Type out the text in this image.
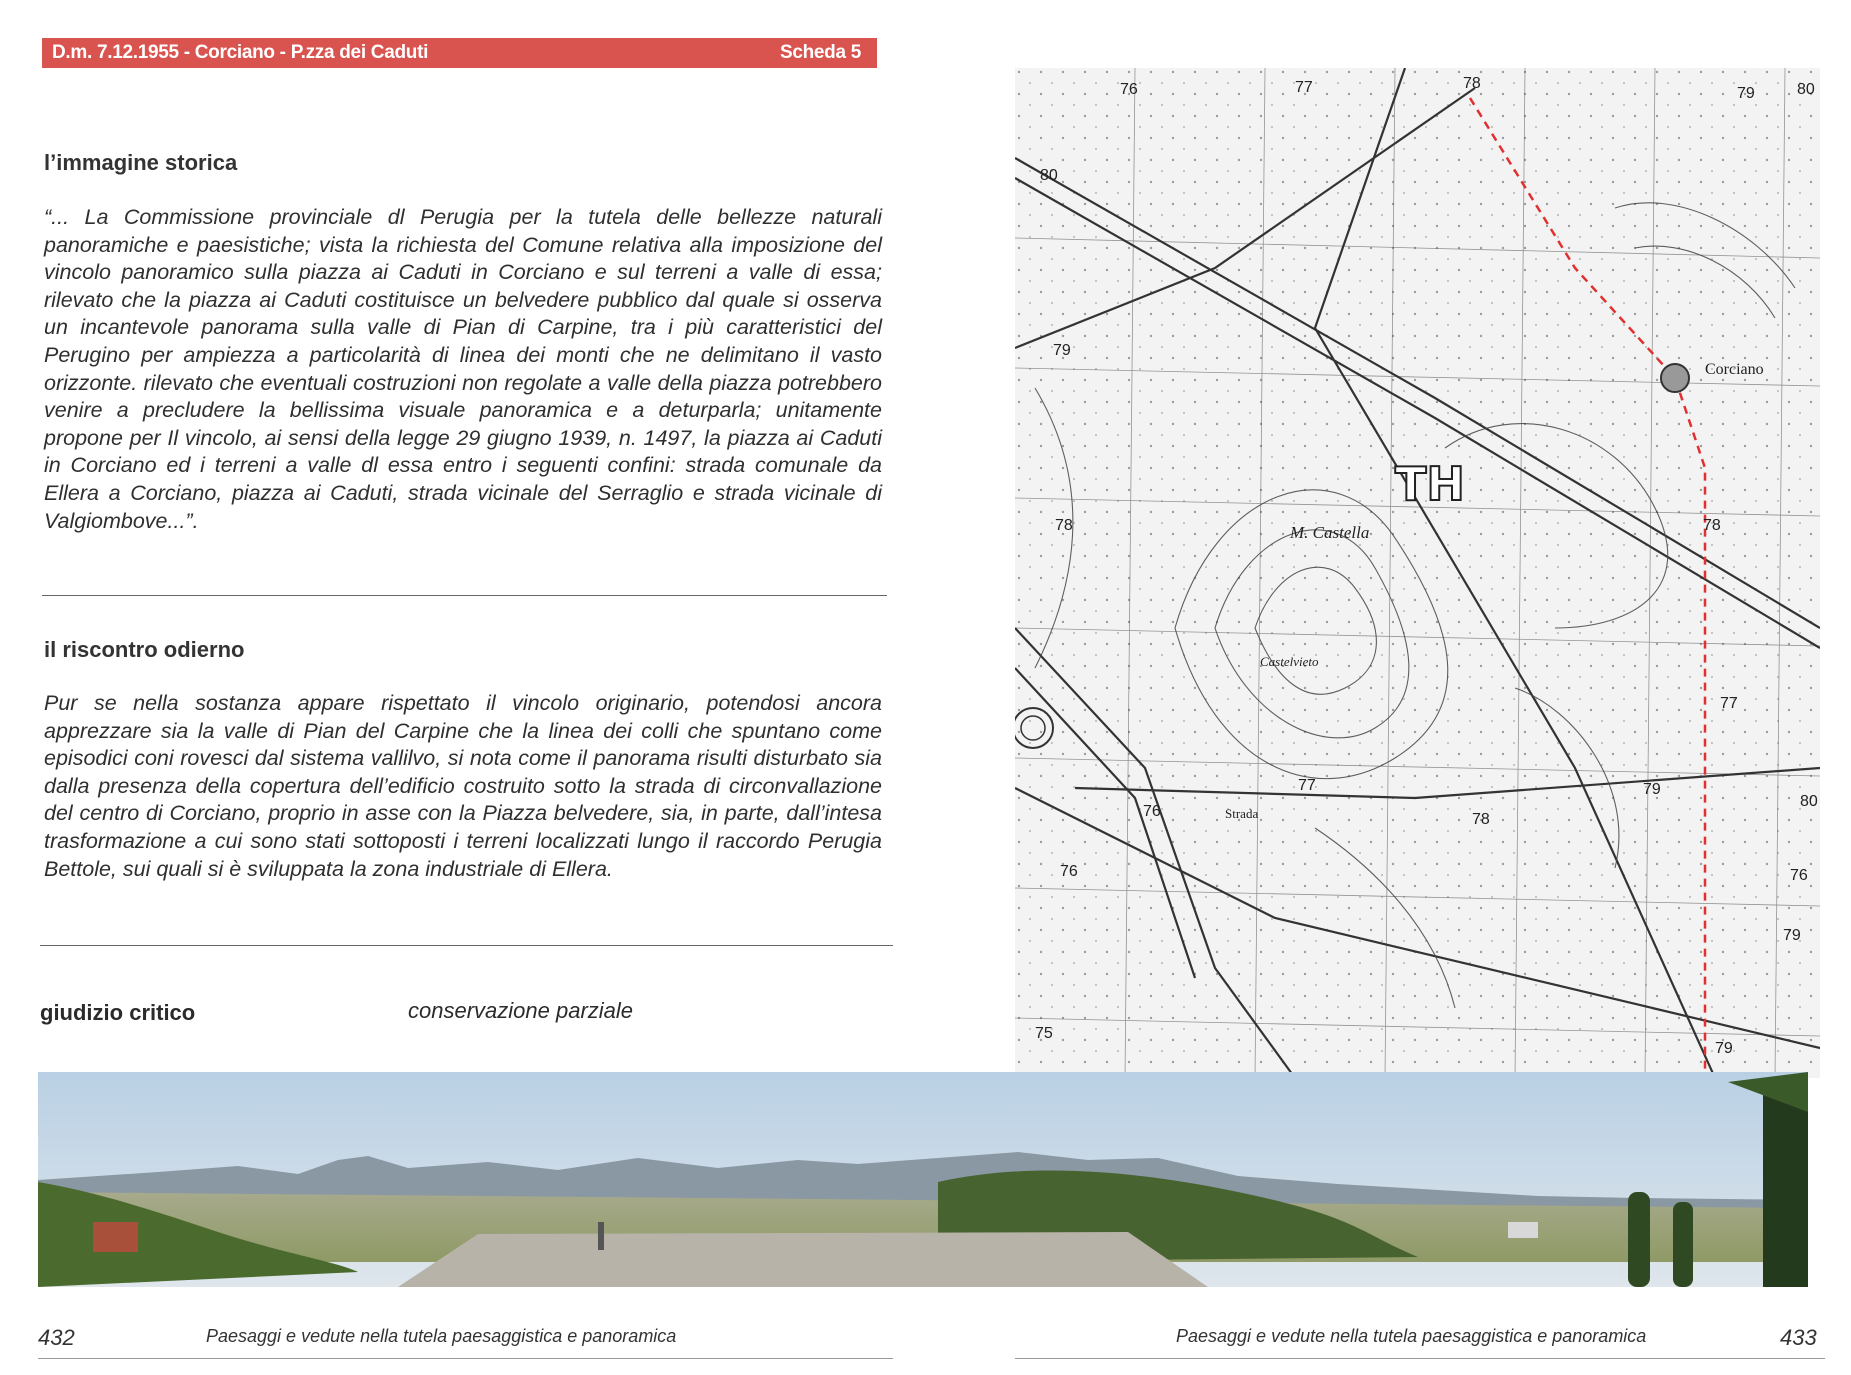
D.m. 7.12.1955 - Corciano - P.zza dei Caduti	Scheda 5
l’immagine storica
“... La Commissione provinciale dl Perugia per la tutela delle bellezze naturali panoramiche e paesistiche; vista la richiesta del Comune relativa alla imposizione del vincolo panoramico sulla piazza ai Caduti in Corciano e sul terreni a valle di essa; rilevato che la piazza ai Caduti costituisce un belvedere pubblico dal quale si osserva un incantevole panorama sulla valle di Pian di Carpine, tra i più caratteristici del Perugino per ampiezza a particolarità di linea dei monti che ne delimitano il vasto orizzonte. rilevato che eventuali costruzioni non regolate a valle della piazza potrebbero venire a precludere la bellissima visuale panoramica e a deturparla; unitamente propone per Il vincolo, ai sensi della legge 29 giugno 1939, n. 1497, la piazza ai Caduti in Corciano ed i terreni a valle dl essa entro i seguenti confini: strada comunale da Ellera a Corciano, piazza ai Caduti, strada vicinale del Serraglio e strada vicinale di Valgiombove...”.
il riscontro odierno
Pur se nella sostanza appare rispettato il vincolo originario, potendosi ancora apprezzare sia la valle di Pian del Carpine che la linea dei colli che spuntano come episodici coni rovesci dal sistema vallilvo, si nota come il panorama risulti disturbato sia dalla presenza della copertura dell’edificio costruito sotto la strada di circonvallazione del centro di Corciano, proprio in asse con la Piazza belvedere, sia, in parte, dall’intesa trasformazione a cui sono stati sottoposti i terreni localizzati lungo il raccordo Perugia Bettole, sui quali si è sviluppata la zona industriale di Ellera.
giudizio critico	conservazione parziale
Corciano
M. Castella
Castelvieto
TH
Strada
76	77	78
79	80
80
79
78	78
76
77
75
79
77
80
76
79
78
76
79
432	Paesaggi e vedute nella tutela paesaggistica e panoramica	Paesaggi e vedute nella tutela paesaggistica e panoramica	433
